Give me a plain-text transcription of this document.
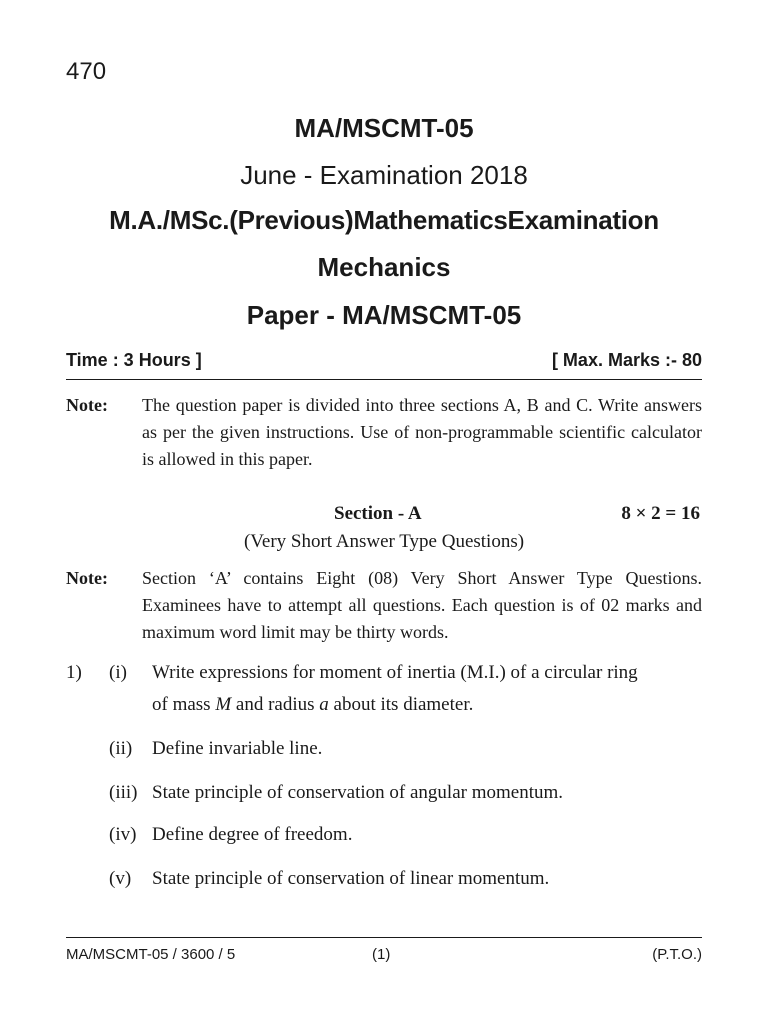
470
MA/MSCMT-05
June - Examination 2018
M.A./MSc.(Previous)MathematicsExamination
Mechanics
Paper - MA/MSCMT-05
Time : 3 Hours ]	[ Max. Marks :- 80
Note:	The question paper is divided into three sections A, B and C. Write answers as per the given instructions. Use of non-programmable scientific calculator is allowed in this paper.
Section - A	8 × 2 = 16
(Very Short Answer Type Questions)
Note:	Section ‘A’ contains Eight (08) Very Short Answer Type Questions. Examinees have to attempt all questions. Each question is of 02 marks and maximum word limit may be thirty words.
1) (i) Write expressions for moment of inertia (M.I.) of a circular ring
of mass M and radius a about its diameter.
(ii) Define invariable line.
(iii) State principle of conservation of angular momentum.
(iv) Define degree of freedom.
(v) State principle of conservation of linear momentum.
MA/MSCMT-05 / 3600 / 5	(1)	(P.T.O.)
